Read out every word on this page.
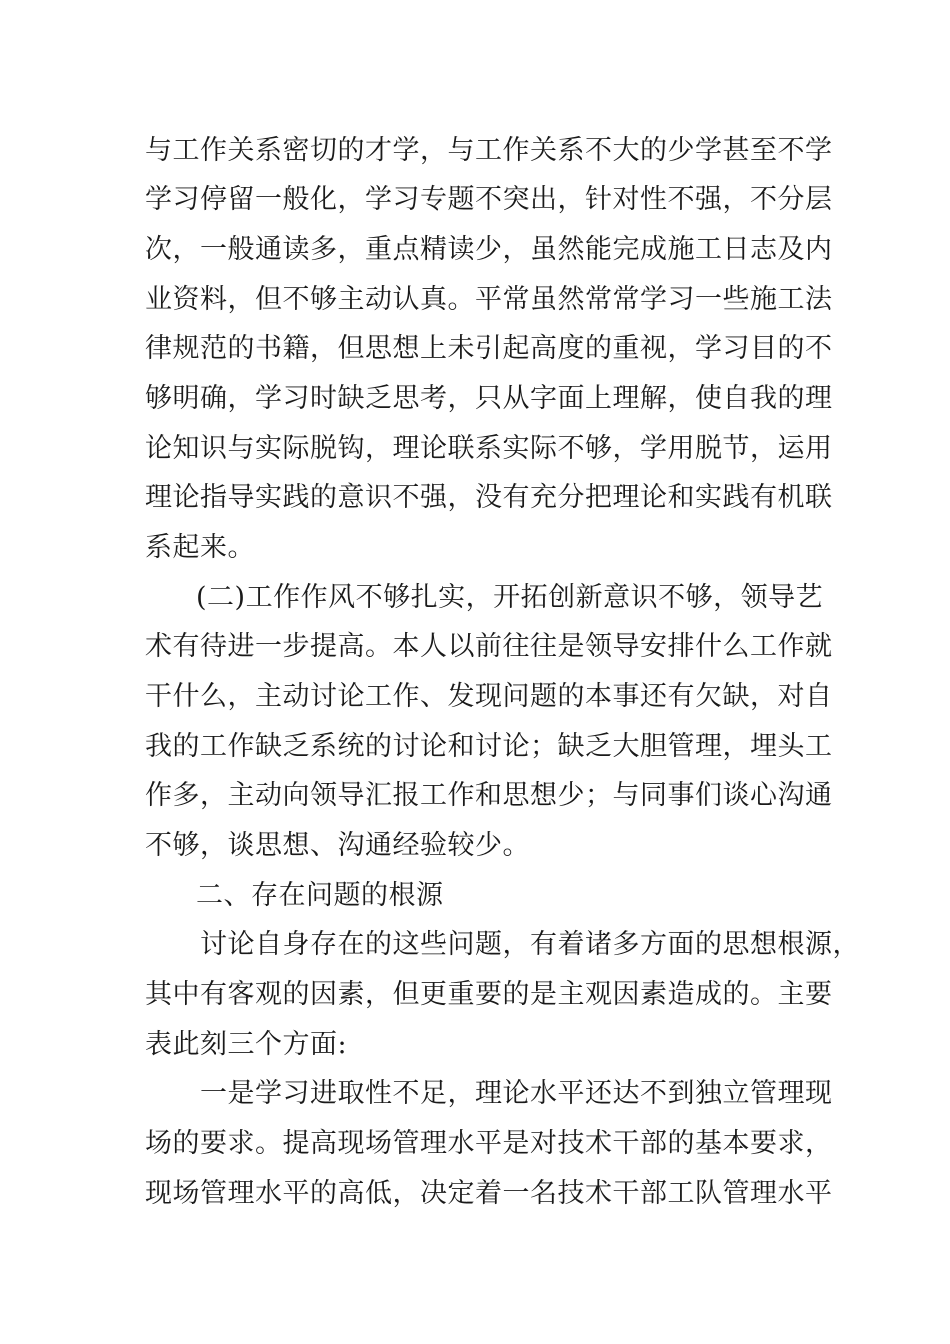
与工作关系密切的才学，与工作关系不大的少学甚至不学
学习停留一般化，学习专题不突出，针对性不强，不分层
次，一般通读多，重点精读少，虽然能完成施工日志及内
业资料，但不够主动认真。平常虽然常常学习一些施工法
律规范的书籍，但思想上未引起高度的重视，学习目的不
够明确，学习时缺乏思考，只从字面上理解，使自我的理
论知识与实际脱钩，理论联系实际不够，学用脱节，运用
理论指导实践的意识不强，没有充分把理论和实践有机联
系起来。
(二)工作作风不够扎实，开拓创新意识不够，领导艺
术有待进一步提高。本人以前往往是领导安排什么工作就
干什么，主动讨论工作、发现问题的本事还有欠缺，对自
我的工作缺乏系统的讨论和讨论；缺乏大胆管理，埋头工
作多，主动向领导汇报工作和思想少；与同事们谈心沟通
不够，谈思想、沟通经验较少。
二、存在问题的根源
讨论自身存在的这些问题，有着诸多方面的思想根源，
其中有客观的因素，但更重要的是主观因素造成的。主要
表此刻三个方面:
一是学习进取性不足，理论水平还达不到独立管理现
场的要求。提高现场管理水平是对技术干部的基本要求，
现场管理水平的高低，决定着一名技术干部工队管理水平
